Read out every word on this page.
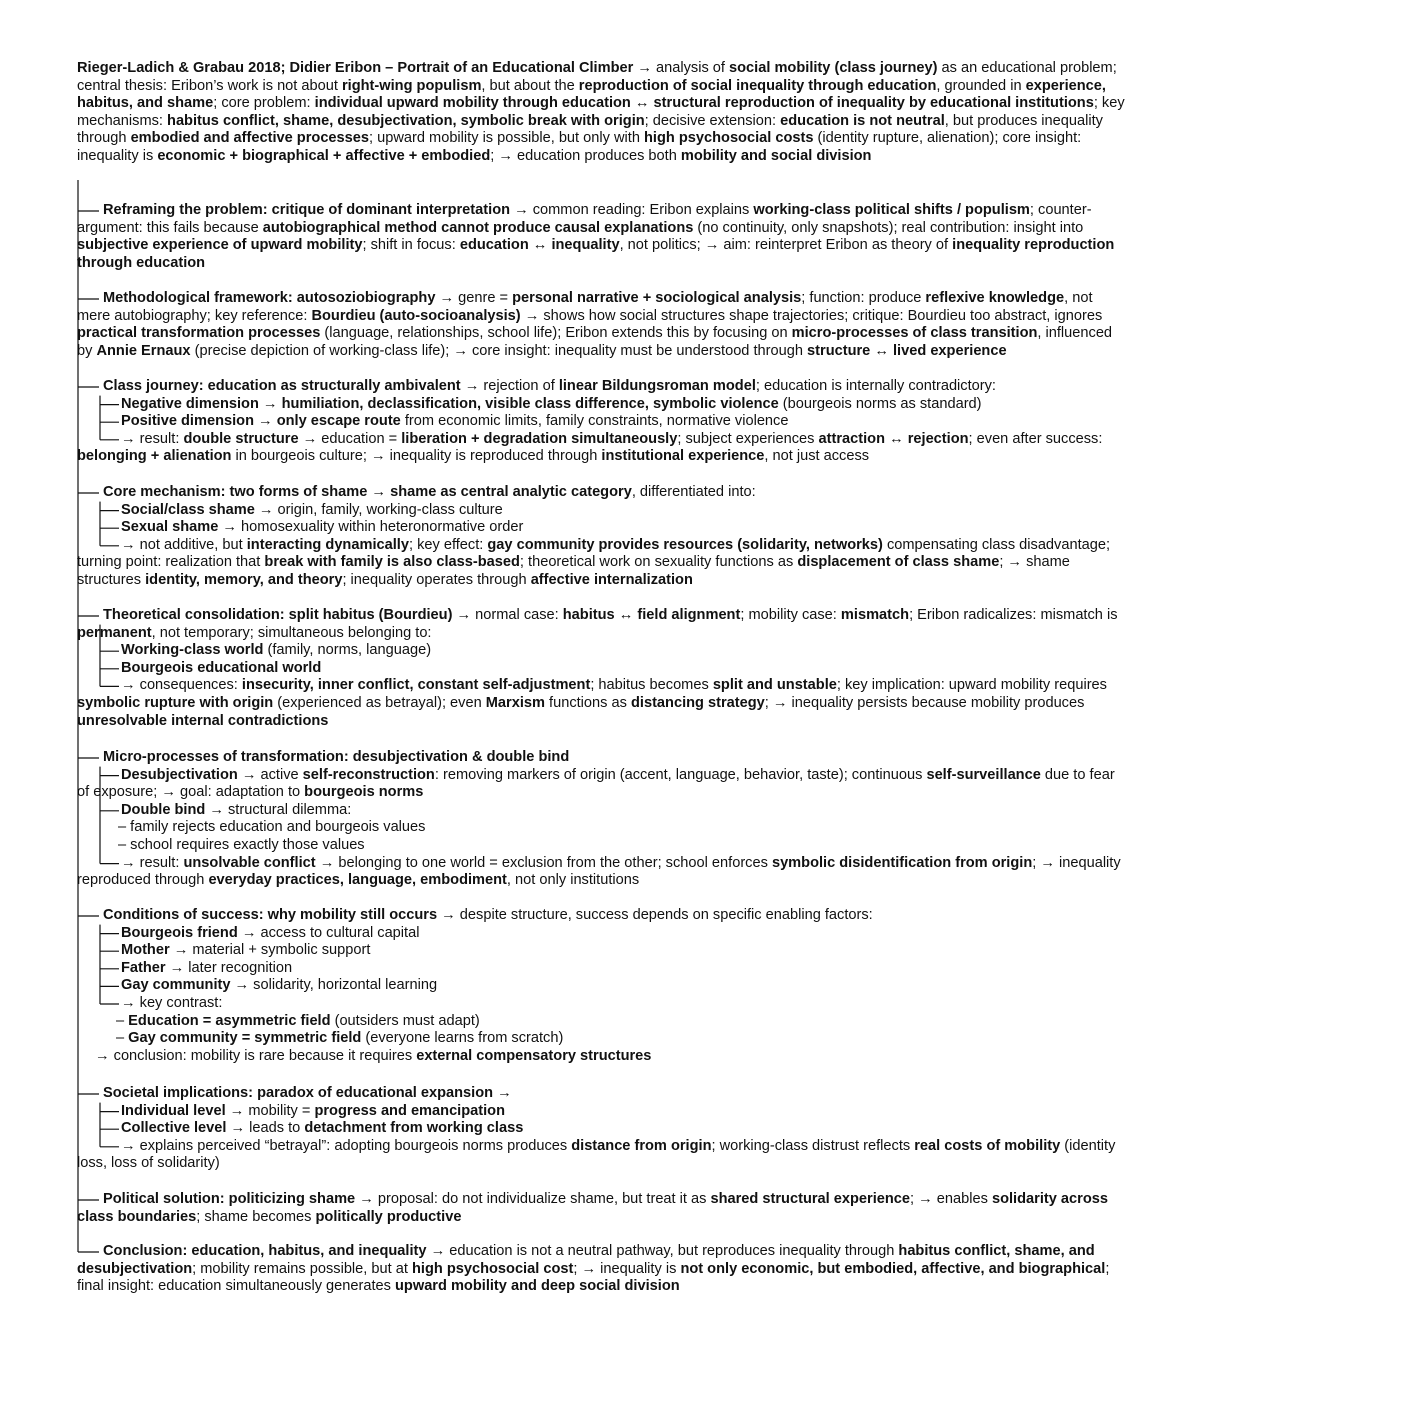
Rieger-Ladich & Grabau 2018; Didier Eribon – Portrait of an Educational Climber → analysis of social mobility (class journey) as an educational problem;
central thesis: Eribon’s work is not about right-wing populism, but about the reproduction of social inequality through education, grounded in experience,
habitus, and shame; core problem: individual upward mobility through education ↔ structural reproduction of inequality by educational institutions; key
mechanisms: habitus conflict, shame, desubjectivation, symbolic break with origin; decisive extension: education is not neutral, but produces inequality
through embodied and affective processes; upward mobility is possible, but only with high psychosocial costs (identity rupture, alienation); core insight:
inequality is economic + biographical + affective + embodied; → education produces both mobility and social division
Reframing the problem: critique of dominant interpretation → common reading: Eribon explains working-class political shifts / populism; counter-
argument: this fails because autobiographical method cannot produce causal explanations (no continuity, only snapshots); real contribution: insight into
subjective experience of upward mobility; shift in focus: education ↔ inequality, not politics; → aim: reinterpret Eribon as theory of inequality reproduction
through education
Methodological framework: autosoziobiography → genre = personal narrative + sociological analysis; function: produce reflexive knowledge, not
mere autobiography; key reference: Bourdieu (auto-socioanalysis) → shows how social structures shape trajectories; critique: Bourdieu too abstract, ignores
practical transformation processes (language, relationships, school life); Eribon extends this by focusing on micro-processes of class transition, influenced
by Annie Ernaux (precise depiction of working-class life); → core insight: inequality must be understood through structure ↔ lived experience
Class journey: education as structurally ambivalent → rejection of linear Bildungsroman model; education is internally contradictory:
Negative dimension → humiliation, declassification, visible class difference, symbolic violence (bourgeois norms as standard)
Positive dimension → only escape route from economic limits, family constraints, normative violence
→ result: double structure → education = liberation + degradation simultaneously; subject experiences attraction ↔ rejection; even after success:
belonging + alienation in bourgeois culture; → inequality is reproduced through institutional experience, not just access
Core mechanism: two forms of shame → shame as central analytic category, differentiated into:
Social/class shame → origin, family, working-class culture
Sexual shame → homosexuality within heteronormative order
→ not additive, but interacting dynamically; key effect: gay community provides resources (solidarity, networks) compensating class disadvantage;
turning point: realization that break with family is also class-based; theoretical work on sexuality functions as displacement of class shame; → shame
structures identity, memory, and theory; inequality operates through affective internalization
Theoretical consolidation: split habitus (Bourdieu) → normal case: habitus ↔ field alignment; mobility case: mismatch; Eribon radicalizes: mismatch is
permanent, not temporary; simultaneous belonging to:
Working-class world (family, norms, language)
Bourgeois educational world
→ consequences: insecurity, inner conflict, constant self-adjustment; habitus becomes split and unstable; key implication: upward mobility requires
symbolic rupture with origin (experienced as betrayal); even Marxism functions as distancing strategy; → inequality persists because mobility produces
unresolvable internal contradictions
Micro-processes of transformation: desubjectivation & double bind
Desubjectivation → active self-reconstruction: removing markers of origin (accent, language, behavior, taste); continuous self-surveillance due to fear
of exposure; → goal: adaptation to bourgeois norms
Double bind → structural dilemma:
– family rejects education and bourgeois values
– school requires exactly those values
→ result: unsolvable conflict → belonging to one world = exclusion from the other; school enforces symbolic disidentification from origin; → inequality
reproduced through everyday practices, language, embodiment, not only institutions
Conditions of success: why mobility still occurs → despite structure, success depends on specific enabling factors:
Bourgeois friend → access to cultural capital
Mother → material + symbolic support
Father → later recognition
Gay community → solidarity, horizontal learning
→ key contrast:
– Education = asymmetric field (outsiders must adapt)
– Gay community = symmetric field (everyone learns from scratch)
→ conclusion: mobility is rare because it requires external compensatory structures
Societal implications: paradox of educational expansion →
Individual level → mobility = progress and emancipation
Collective level → leads to detachment from working class
→ explains perceived “betrayal”: adopting bourgeois norms produces distance from origin; working-class distrust reflects real costs of mobility (identity
loss, loss of solidarity)
Political solution: politicizing shame → proposal: do not individualize shame, but treat it as shared structural experience; → enables solidarity across
class boundaries; shame becomes politically productive
Conclusion: education, habitus, and inequality → education is not a neutral pathway, but reproduces inequality through habitus conflict, shame, and
desubjectivation; mobility remains possible, but at high psychosocial cost; → inequality is not only economic, but embodied, affective, and biographical;
final insight: education simultaneously generates upward mobility and deep social division
